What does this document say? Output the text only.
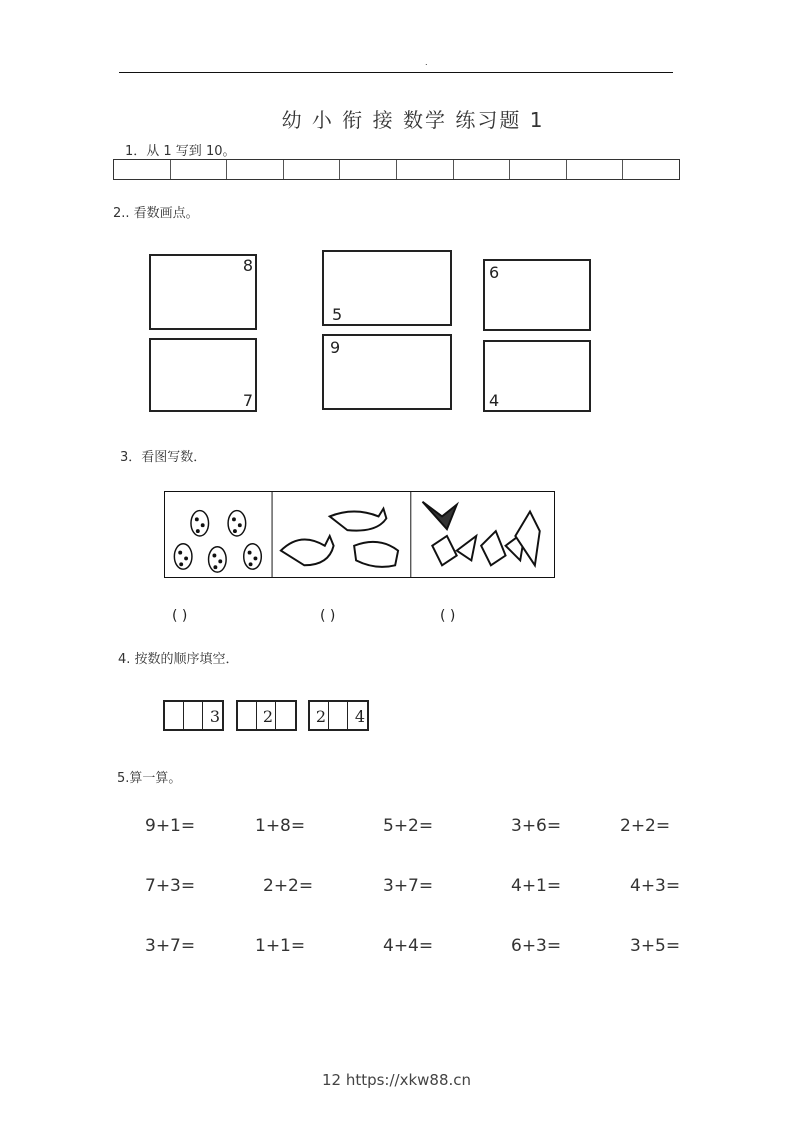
.
幼 小 衔 接 数学 练习题 1
1．从 1 写到 10。
2.. 看数画点。
8
5
6
7
9
4
3．看图写数．
( )	( )	( )
4. 按数的顺序填空．
3	2	2	4
5.算一算。
9+1=	1+8=	5+2=	3+6=	2+2=
7+3=	2+2=	3+7=	4+1=	4+3=
3+7=	1+1=	4+4=	6+3=	3+5=
12 https://xkw88.cn
